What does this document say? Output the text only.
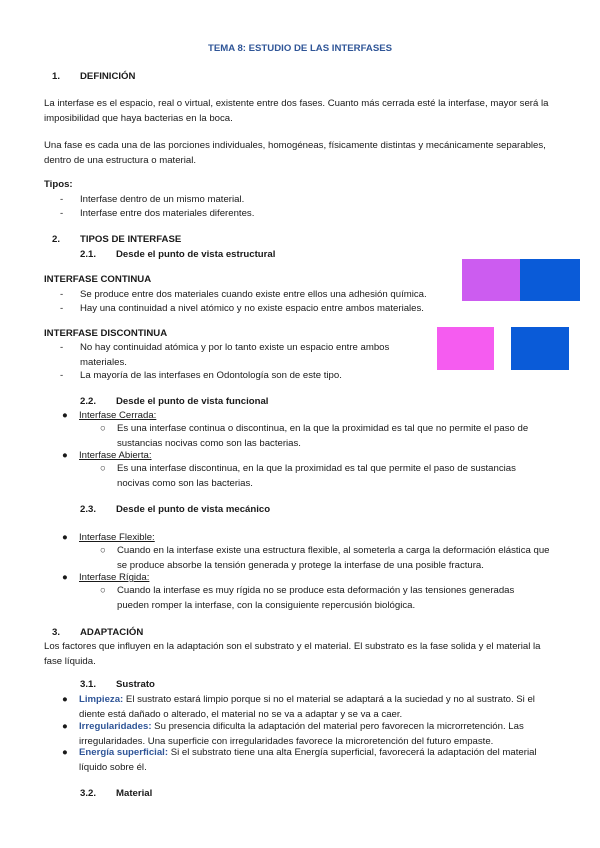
TEMA 8: ESTUDIO DE LAS INTERFASES
1. DEFINICIÓN
La interfase es el espacio, real o virtual, existente entre dos fases. Cuanto más cerrada esté la interfase, mayor será la imposibilidad que haya bacterias en la boca.
Una fase es cada una de las porciones individuales, homogéneas, físicamente distintas y mecánicamente separables, dentro de una estructura o material.
Tipos:
- Interfase dentro de un mismo material.
- Interfase entre dos materiales diferentes.
2. TIPOS DE INTERFASE
2.1. Desde el punto de vista estructural
INTERFASE CONTINUA
- Se produce entre dos materiales cuando existe entre ellos una adhesión química.
- Hay una continuidad a nivel atómico y no existe espacio entre ambos materiales.
INTERFASE DISCONTINUA
- No hay continuidad atómica y por lo tanto existe un espacio entre ambos materiales.
- La mayoría de las interfases en Odontología son de este tipo.
2.2. Desde el punto de vista funcional
● Interfase Cerrada:
○ Es una interfase continua o discontinua, en la que la proximidad es tal que no permite el paso de sustancias nocivas como son las bacterias.
● Interfase Abierta:
○ Es una interfase discontinua, en la que la proximidad es tal que permite el paso de sustancias nocivas como son las bacterias.
2.3. Desde el punto de vista mecánico
● Interfase Flexible:
○ Cuando en la interfase existe una estructura flexible, al someterla a carga la deformación elástica que se produce absorbe la tensión generada y protege la interfase de una posible fractura.
● Interfase Rígida:
○ Cuando la interfase es muy rígida no se produce esta deformación y las tensiones generadas pueden romper la interfase, con la consiguiente repercusión biológica.
3. ADAPTACIÓN
Los factores que influyen en la adaptación son el substrato y el material. El substrato es la fase solida y el material la fase líquida.
3.1. Sustrato
● Limpieza: El sustrato estará limpio porque si no el material se adaptará a la suciedad y no al sustrato. Si el diente está dañado o alterado, el material no se va a adaptar y se va a caer.
● Irregularidades: Su presencia dificulta la adaptación del material pero favorecen la microrretención. Las irregularidades. Una superficie con irregularidades favorece la microretención del futuro empaste.
● Energía superficial: Si el substrato tiene una alta Energía superficial, favorecerá la adaptación del material líquido sobre él.
3.2. Material
